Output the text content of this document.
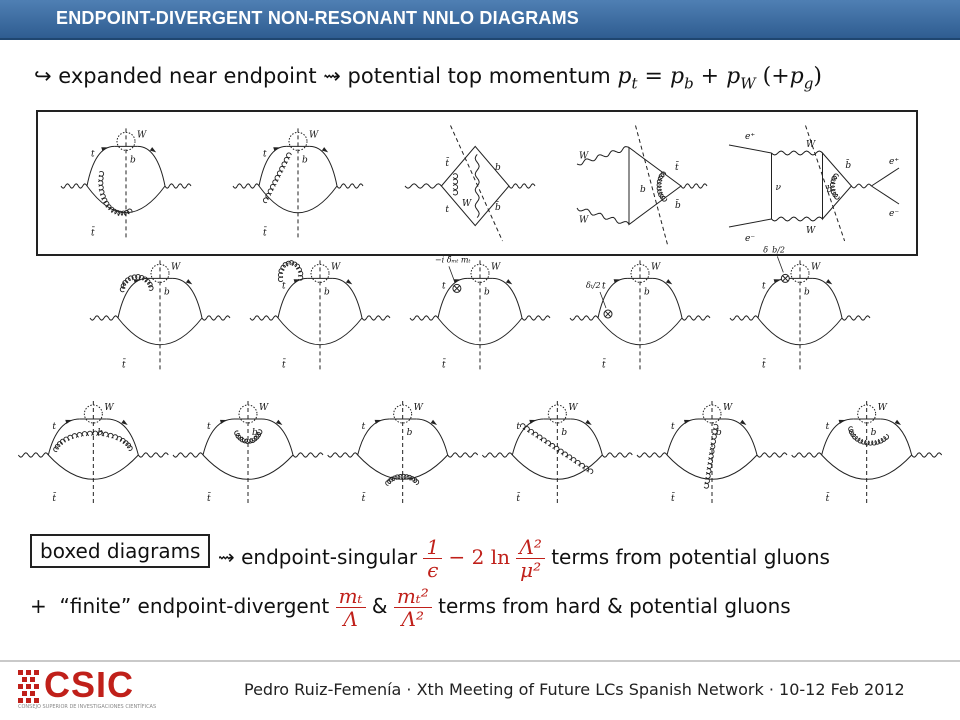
ENDPOINT-DIVERGENT NON-RESONANT NNLO DIAGRAMS
↪ expanded near endpoint ⇝ potential top momentum $p_t = p_b + p_W$ $(+p_g)$
t
t̄
W
b
t
t̄
W
b	t̄
t
b
b̄
W
W
W
b
t̄
b̄
e⁺
e⁻
ν
W
W
b
b̄	e⁺
e⁻
t
t̄
W
b
t
t̄
W
b
t
t̄
W
b
−i δ̂ₘₜ mₜ
t
t̄
W
b
δₜ/2	t
t̄
W
b
δ_b/2
t
t̄
W
b
t
t̄
W
b
t
t̄
W
b
t
t̄
W
b
t
t̄
W
b
t
t̄
W
b
boxed diagrams ⇝ endpoint-singular $\frac{1}{\epsilon} - 2$ $\ln \frac{\text{Λ²}}{\text{μ²}}$ terms from potential gluons
+ “finite” endpoint-divergent $\frac{\text{mₜ}}{\Lambda}$ & $\frac{\text{mₜ²}}{\text{Λ²}}$ terms from hard & potential gluons
CSIC
CONSEJO SUPERIOR DE INVESTIGACIONES CIENTÍFICAS
Pedro Ruiz-Femenía · Xth Meeting of Future LCs Spanish Network · 10-12 Feb 2012
